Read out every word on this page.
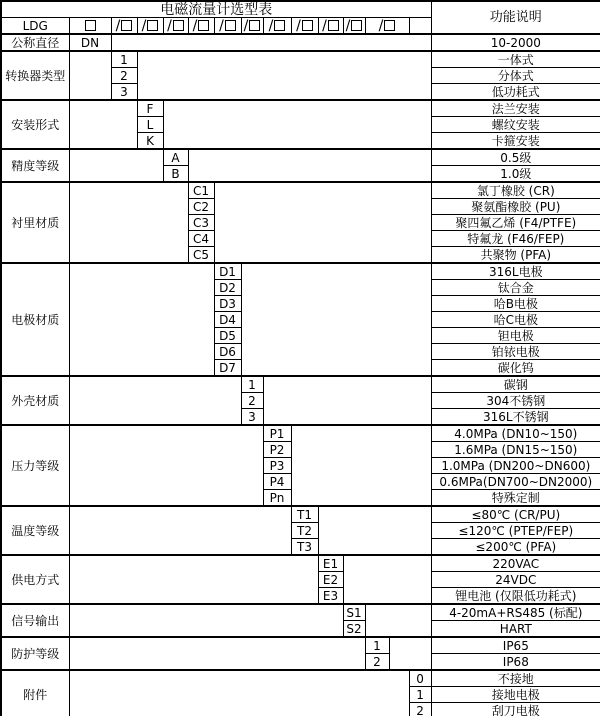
电磁流量计选型表															功能说明
LDG		/	/	/	/	/	/	/	/	/	/	/			
公称直径	DN														10-2000
转换器类型		1													一体式
		2													分体式
		3													低功耗式
安装形式			F												法兰安装
			L												螺纹安装
			K												卡箍安装
精度等级				A											0.5级
				B											1.0级
衬里材质					C1										氯丁橡胶 (CR)
					C2										聚氨酯橡胶 (PU)
					C3										聚四氟乙烯 (F4/PTFE)
					C4										特氟龙 (F46/FEP)
					C5										共聚物 (PFA)
电极材质						D1									316L电极
						D2									钛合金
						D3									哈B电极
						D4									哈C电极
						D5									钽电极
						D6									铂铱电极
						D7									碳化钨
外壳材质							1								碳钢
							2								304不锈钢
							3								316L不锈钢
压力等级								P1							4.0MPa (DN10~150)
								P2							1.6MPa (DN15~150)
								P3							1.0MPa (DN200~DN600)
								P4							0.6MPa(DN700~DN2000)
								Pn							特殊定制
温度等级									T1						≤80℃ (CR/PU)
									T2						≤120℃ (PTEP/FEP)
									T3						≤200℃ (PFA)
供电方式										E1					220VAC
										E2					24VDC
										E3					锂电池 (仅限低功耗式)
信号输出											S1				4-20mA+RS485 (标配)
											S2				HART
防护等级												1			IP65
												2			IP68
附件														0	不接地
														1	接地电极
														2	刮刀电极
